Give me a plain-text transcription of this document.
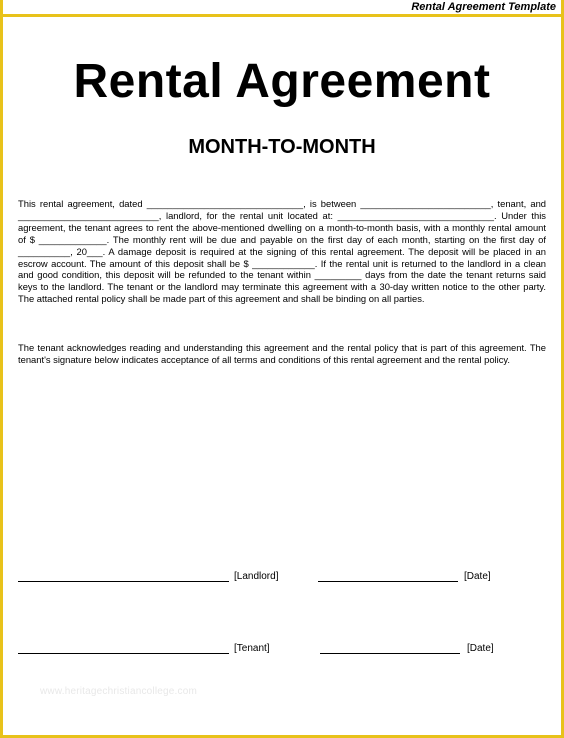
Rental Agreement Template
Rental Agreement
MONTH-TO-MONTH

This rental agreement, dated ______________________________, is between _________________________, tenant, and ___________________________, landlord, for the rental unit located at: ______________________________. Under this agreement, the tenant agrees to rent the above-mentioned dwelling on a month-to-month basis, with a monthly rental amount of $ _____________. The monthly rent will be due and payable on the first day of each month, starting on the first day of __________, 20___. A damage deposit is required at the signing of this rental agreement. The deposit will be placed in an escrow account. The amount of this deposit shall be $ ____________. If the rental unit is returned to the landlord in a clean and good condition, this deposit will be refunded to the tenant within _________ days from the date the tenant returns said keys to the landlord. The tenant or the landlord may terminate this agreement with a 30-day written notice to the other party. The attached rental policy shall be made part of this agreement and shall be binding on all parties.

The tenant acknowledges reading and understanding this agreement and the rental policy that is part of this agreement. The tenant's signature below indicates acceptance of all terms and conditions of this rental agreement and the rental policy.

[Landlord]	[Date]
[Tenant]	[Date]
www.heritagechristiancollege.com
